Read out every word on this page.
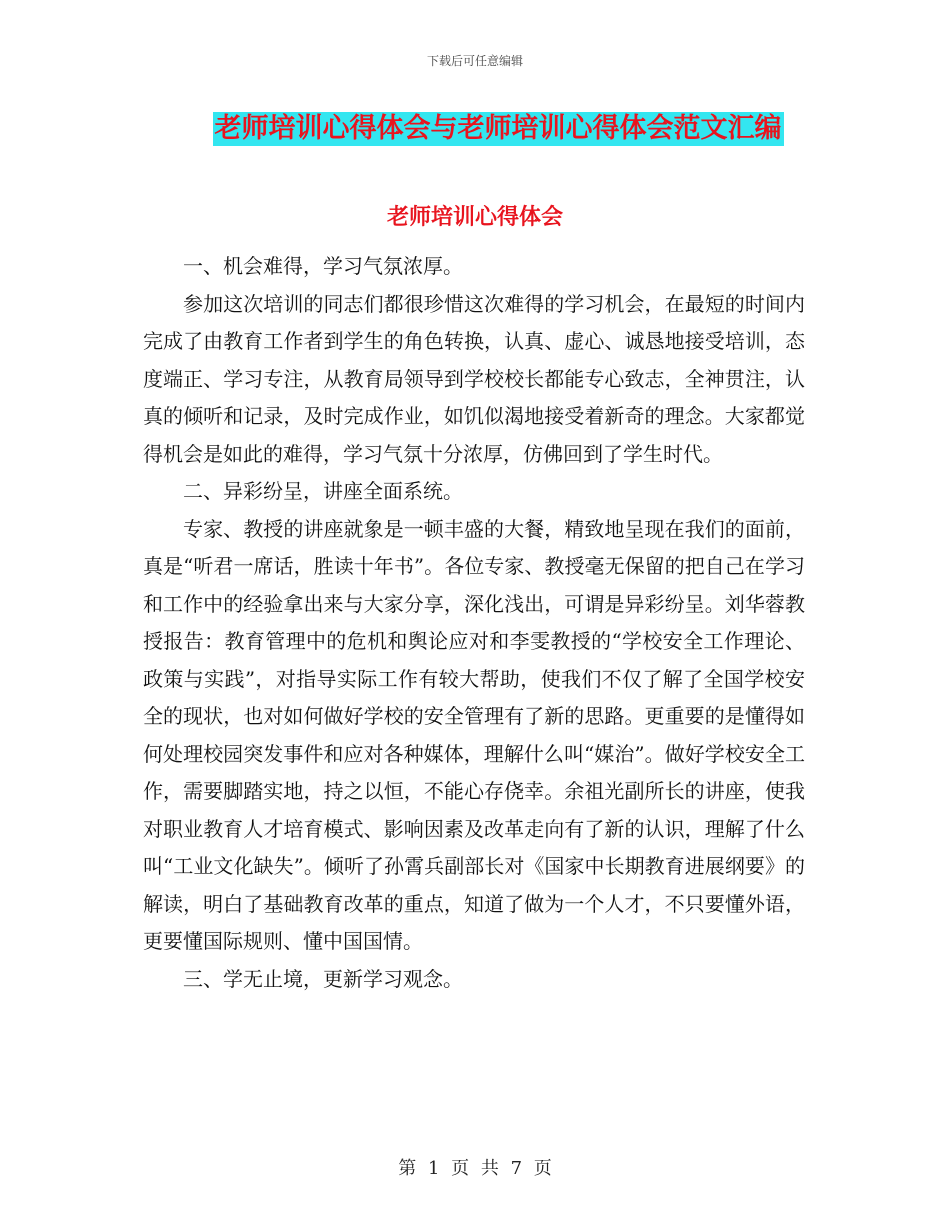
下载后可任意编辑
老师培训心得体会与老师培训心得体会范文汇编
老师培训心得体会

一、机会难得，学习气氛浓厚。

参加这次培训的同志们都很珍惜这次难得的学习机会，在最短的时间内完成了由教育工作者到学生的角色转换，认真、虚心、诚恳地接受培训，态度端正、学习专注，从教育局领导到学校校长都能专心致志，全神贯注，认真的倾听和记录，及时完成作业，如饥似渴地接受着新奇的理念。大家都觉得机会是如此的难得，学习气氛十分浓厚，仿佛回到了学生时代。

二、异彩纷呈，讲座全面系统。

专家、教授的讲座就象是一顿丰盛的大餐，精致地呈现在我们的面前，真是“听君一席话，胜读十年书”。各位专家、教授毫无保留的把自己在学习和工作中的经验拿出来与大家分享，深化浅出，可谓是异彩纷呈。刘华蓉教授报告：教育管理中的危机和舆论应对和李雯教授的“学校安全工作理论、政策与实践”，对指导实际工作有较大帮助，使我们不仅了解了全国学校安全的现状，也对如何做好学校的安全管理有了新的思路。更重要的是懂得如何处理校园突发事件和应对各种媒体，理解什么叫“媒治”。做好学校安全工作，需要脚踏实地，持之以恒，不能心存侥幸。余祖光副所长的讲座，使我对职业教育人才培育模式、影响因素及改革走向有了新的认识，理解了什么叫“工业文化缺失”。倾听了孙霄兵副部长对《国家中长期教育进展纲要》的解读，明白了基础教育改革的重点，知道了做为一个人才，不只要懂外语，更要懂国际规则、懂中国国情。

三、学无止境，更新学习观念。

第 1 页 共 7 页
